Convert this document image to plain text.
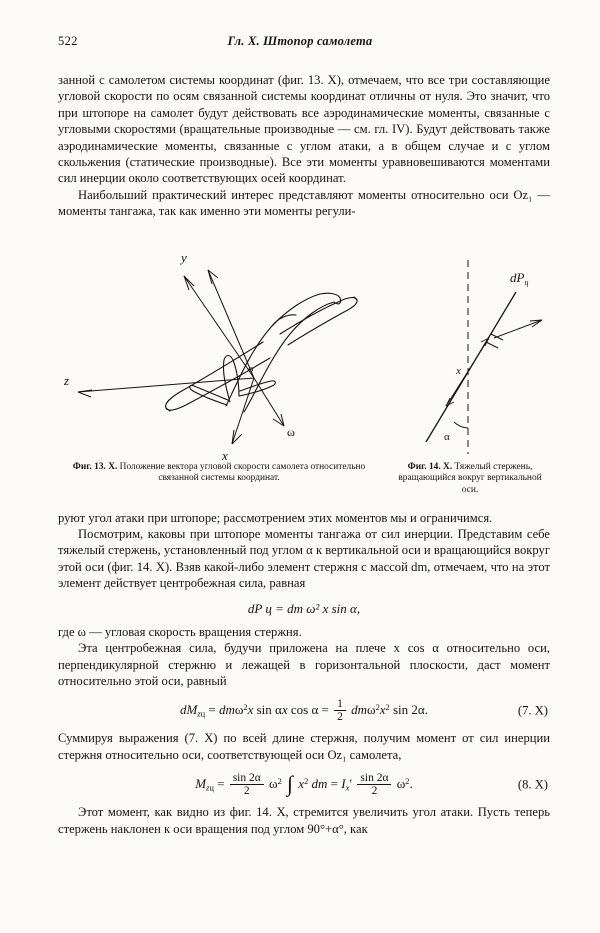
522	Гл. X. Штопор самолета

занной с самолетом системы координат (фиг. 13. X), отмечаем, что все три составляющие угловой скорости по осям связанной системы координат отличны от нуля. Это значит, что при штопоре на самолет будут действовать все аэродинамические моменты, связанные с угловыми скоростями (вращательные производные — см. гл. IV). Будут действовать также аэродинамические моменты, связанные с углом атаки, а в общем случае и с углом скольжения (статические производные). Все эти моменты уравновешиваются моментами сил инерции около соответствующих осей координат.

Наибольший практический интерес представляют моменты относительно оси Oz₁ — моменты тангажа, так как именно эти моменты регули-

y
z
x
ω
o
$dP_ц$
x
α
Фиг. 13. X. Положение вектора угловой скорости самолета относительно связанной системы координат.
Фиг. 14. X. Тяжелый стержень, вращающийся вокруг вертикальной оси.

руют угол атаки при штопоре; рассмотрением этих моментов мы и ограничимся.

Посмотрим, каковы при штопоре моменты тангажа от сил инерции. Представим себе тяжелый стержень, установленный под углом α к вертикальной оси и вращающийся вокруг этой оси (фиг. 14. X). Взяв какой-либо элемент стержня с массой dm, отмечаем, что на этот элемент действует центробежная сила, равная

dP ц = dm ω² x sin α,

где ω — угловая скорость вращения стержня.

Эта центробежная сила, будучи приложена на плече x cos α относительно оси, перпендикулярной стержню и лежащей в горизонтальной плоскости, даст момент относительно этой оси, равный

$dM_{zц} = dm\omega^2x$ sin αx $\cos \alpha = \frac{1}{2} dm\omega^2x^2$ sin 2α.	(7. X)

Суммируя выражения (7. X) по всей длине стержня, получим момент от сил инерции стержня относительно оси, соответствующей оси Oz₁ самолета,

$M_{zц} = \frac{\sin 2\alpha}{2} \omega^2$ ∫ $x^2$ dm = $I_x' \frac{\sin 2\alpha}{2} \omega^2$.	(8. X)

Этот момент, как видно из фиг. 14. X, стремится увеличить угол атаки. Пусть теперь стержень наклонен к оси вращения под углом 90°+α°, как
